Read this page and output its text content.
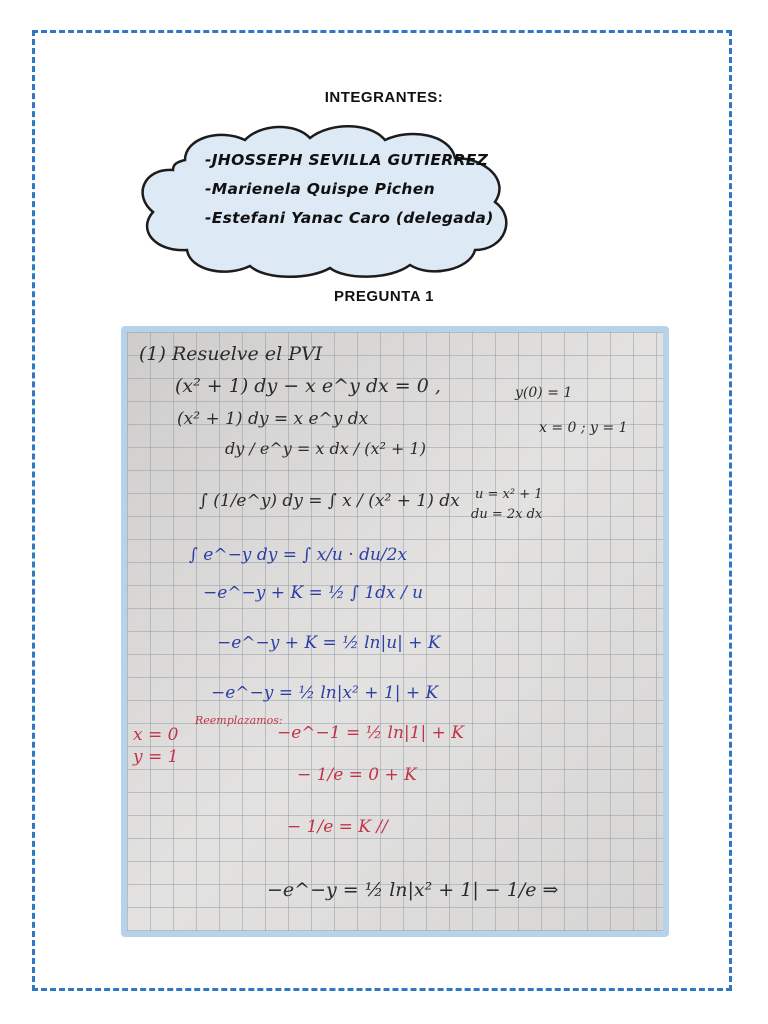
INTEGRANTES:
-JHOSSEPH SEVILLA GUTIERREZ
-Marienela Quispe Pichen
-Estefani Yanac Caro (delegada)
PREGUNTA 1
(1) Resuelve el PVI
(x² + 1) dy − x e^y dx = 0 ,	y(0) = 1
x = 0 ; y = 1
(x² + 1) dy = x e^y dx
dy / e^y = x dx / (x² + 1)
∫ (1/e^y) dy = ∫ x / (x² + 1) dx u = x² + 1
du = 2x dx
∫ e^−y dy = ∫ x/u · du/2x
−e^−y + K = ½ ∫ 1dx / u
−e^−y + K = ½ ln|u| + K
−e^−y = ½ ln|x² + 1| + K
Reemplazamos:
x = 0
y = 1
−e^−1 = ½ ln|1| + K
− 1/e = 0 + K
− 1/e = K //
−e^−y = ½ ln|x² + 1| − 1/e ⇒
